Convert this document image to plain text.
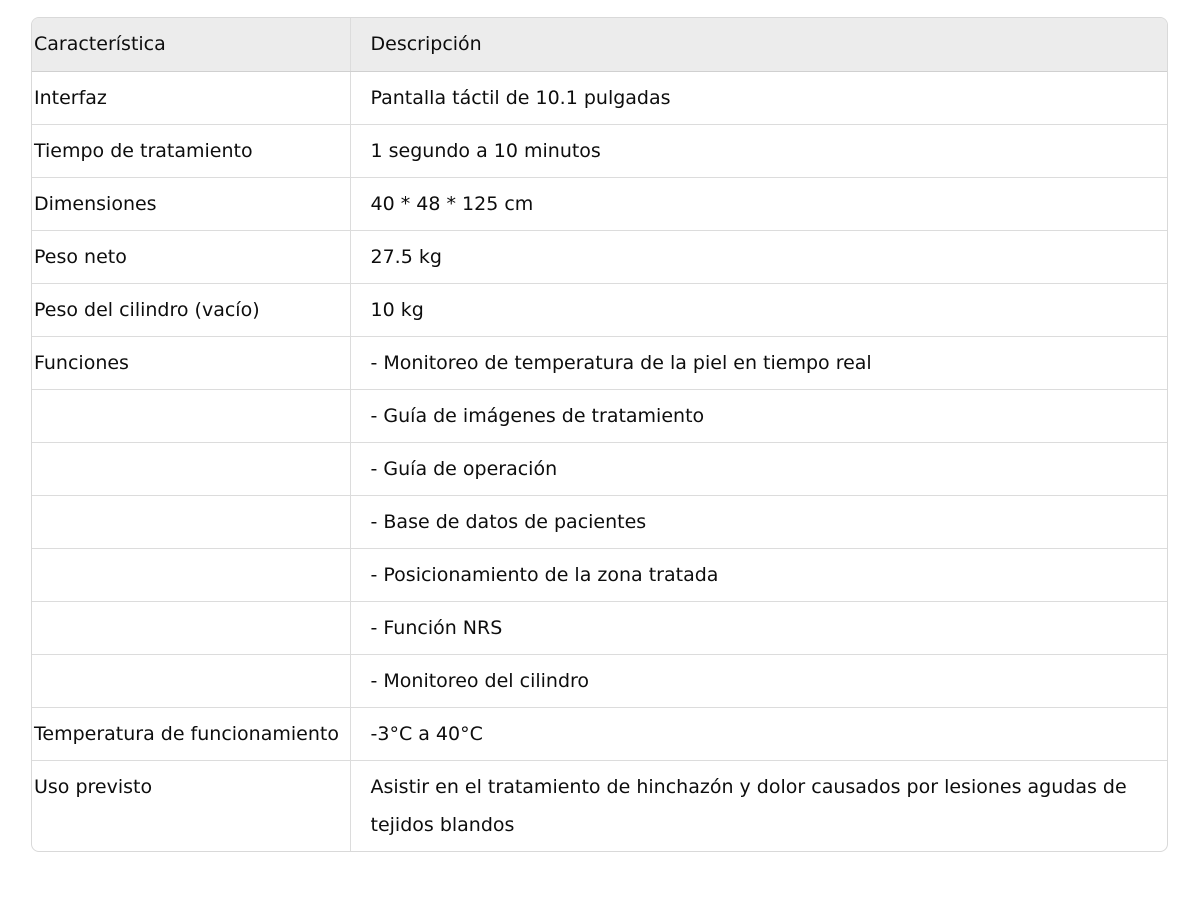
Característica	Descripción
Interfaz	Pantalla táctil de 10.1 pulgadas
Tiempo de tratamiento	1 segundo a 10 minutos
Dimensiones	40 * 48 * 125 cm
Peso neto	27.5 kg
Peso del cilindro (vacío)	10 kg
Funciones	- Monitoreo de temperatura de la piel en tiempo real
	- Guía de imágenes de tratamiento
	- Guía de operación
	- Base de datos de pacientes
	- Posicionamiento de la zona tratada
	- Función NRS
	- Monitoreo del cilindro
Temperatura de funcionamiento	-3°C a 40°C
Uso previsto	Asistir en el tratamiento de hinchazón y dolor causados por lesiones agudas de tejidos blandos
